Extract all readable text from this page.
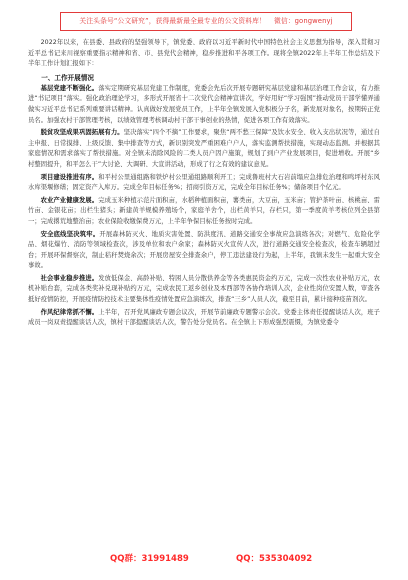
关注头条号“公文研究”，获得最新最全最专业的公文资料库！ 微信：gongwenyj

2022年以来，在县委、县政府的坚强领导下，镇党委、政府以习近平新时代中国特色社会主义思想为指导，深入贯彻习近平总书记来川视察重要指示精神和省、市、县党代会精神，稳步推进和平各项工作。现将全镇2022年上半年工作总结及下半年工作计划汇报如下：

一、工作开展情况

基层党建不断强化。落实定期研究基层党建工作制度，党委会先后次开展专题研究基层党建和基层治理工作会议，有力推进“书记项目”落实。强化政治理论学习，多形式开展省十二次党代会精神宣讲次，学好用好“学习强国”推动党员干部学懂弄通做实习近平总书记系列重要讲话精神。认真做好发展党员工作，上半年全镇发展入党积极分子名，新发展对象名，按期转正党员名。加强农村干部管理考核，以绩效管理考核调动村干部干事创业的热情，促进各项工作有效落实。

脱贫攻坚成果巩固拓展有力。坚决落实“四个不摘”工作要求，聚焦“两不愁三保障”及饮水安全、收入支出状况等，通过自主申报、日常摸排、上级反馈、集中排查等方式，新识别突发严重困难户户人，落实监测帮扶措施，实现动态监测。并根据其家庭情况和需求落实了帮扶措施。对全镇未消除风险的二类人员户因户施策，规划了到户产业发展项目，促进增收。开展“乡村整固提升，和平怎么干”大讨论、大调研、大宣讲活动，形成了行之有效的建议意见。

项目建设推进有序。和平村公里通组路和铁炉村公里通组路顺利开工；完成鲁班村大石岩前塌应急排危治理和鸣坪村东风水库渠堰修缮；固定资产入库万。完成全年目标任务%；招商引资万元，完成全年目标任务%；储备项目个亿元。

农业产业健康发展。完成玉米种植示范片面积亩，水稻种植面积亩，薯类亩，大豆亩，玉米亩；管护茶叶亩、核桃亩、雷竹亩、金银花亩；出栏生猪头；新建黄羊规模养殖场个，家庭羊舍个，出栏黄羊只，存栏只，第一季度黄羊考核位列全县第一；完成撂荒地整治亩；农业保险收缴保费万元，上半年争保目标任务按时完成。

安全底线坚决筑牢。开展森林防灭火、地质灾害处置、防洪度汛、道路交通安全事故应急演练各次；对燃气、危险化学品、烟花爆竹、消防等领域检查次，涉及单位和农户余家；森林防灭火宣传人次，进行道路交通安全检查次，检查车辆超过台；开展环保督察次，制止秸秆焚烧余次；开展房屋安全排查余户，停工违法建设行为起，上半年，我镇未发生一起重大安全事故。

社会事业稳步推进。发放低保金、高龄补贴、特困人员分散供养金等各类惠民资金约万元，完成一次性农业补贴万元，农机补贴台套，完成各类奖补兑现补贴约万元，完成农民工返乡创业及本西部等各协作培训人次，企业性岗位安置人数，审查各抵好疫情防控，开展疫情防控技术主要集体性疫情处置应急演练次，排查“三乡”人员人次，截至目前，累计接种疫苗剂次。

作风纪律常抓不懈。上半年，召开党风廉政专题会议次，开展节前廉政专题警示会次。党委主体责任提醒谈话人次，班子成员一岗双责提醒谈话人次，镇村干部提醒谈话人次，警告处分党员名。在全镇上下形成强烈震慑，为镇党委令

QQ群：31991489	QQ：535304092
